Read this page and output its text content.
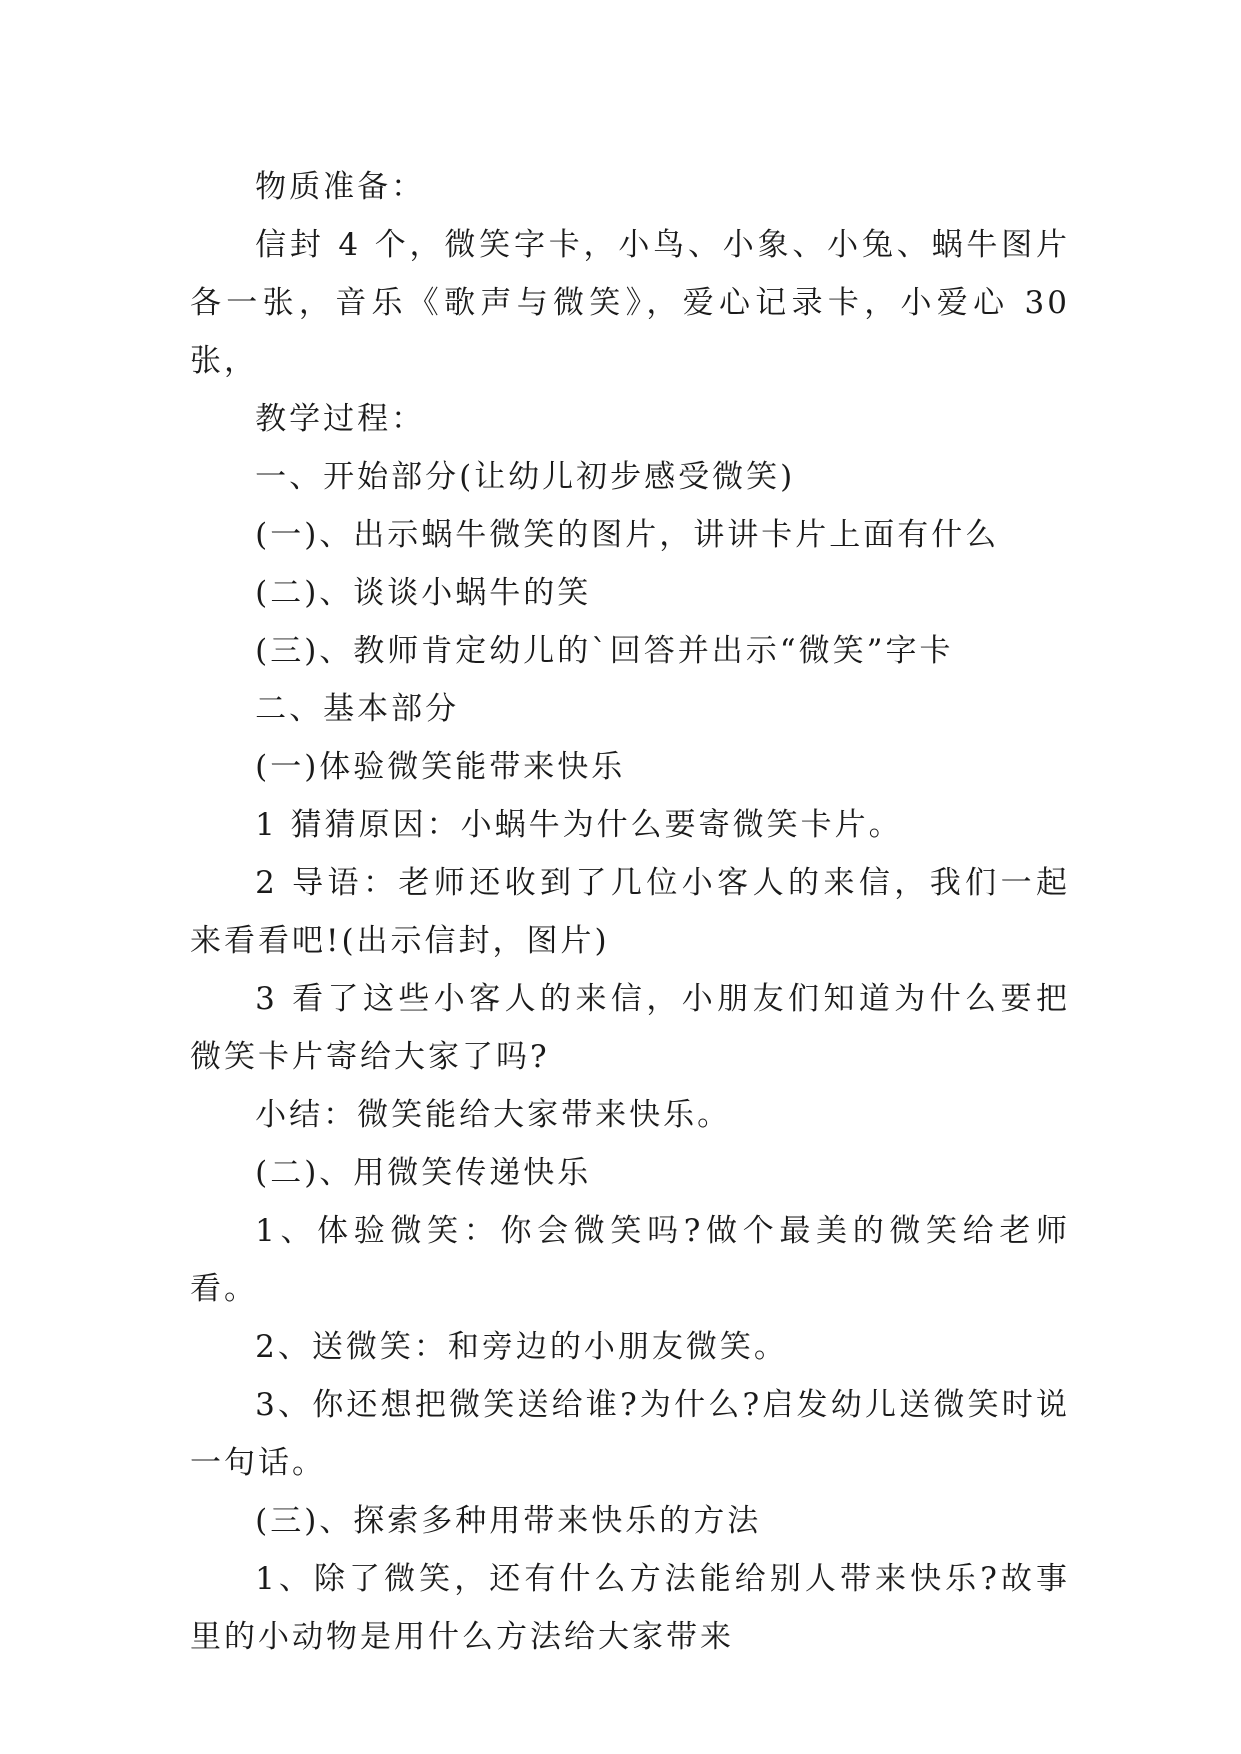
物质准备：

信封 4 个，微笑字卡，小鸟、小象、小兔、蜗牛图片各一张，音乐《歌声与微笑》，爱心记录卡，小爱心 30 张，

教学过程：

一、开始部分(让幼儿初步感受微笑)

(一)、出示蜗牛微笑的图片，讲讲卡片上面有什么

(二)、谈谈小蜗牛的笑

(三)、教师肯定幼儿的`回答并出示“微笑”字卡

二、基本部分

(一)体验微笑能带来快乐

1 猜猜原因：小蜗牛为什么要寄微笑卡片。

2 导语：老师还收到了几位小客人的来信，我们一起来看看吧!(出示信封，图片)

3 看了这些小客人的来信，小朋友们知道为什么要把微笑卡片寄给大家了吗?

小结：微笑能给大家带来快乐。

(二)、用微笑传递快乐

1、体验微笑：你会微笑吗?做个最美的微笑给老师看。

2、送微笑：和旁边的小朋友微笑。

3、你还想把微笑送给谁?为什么?启发幼儿送微笑时说一句话。

(三)、探索多种用带来快乐的方法

1、除了微笑，还有什么方法能给别人带来快乐?故事里的小动物是用什么方法给大家带来
